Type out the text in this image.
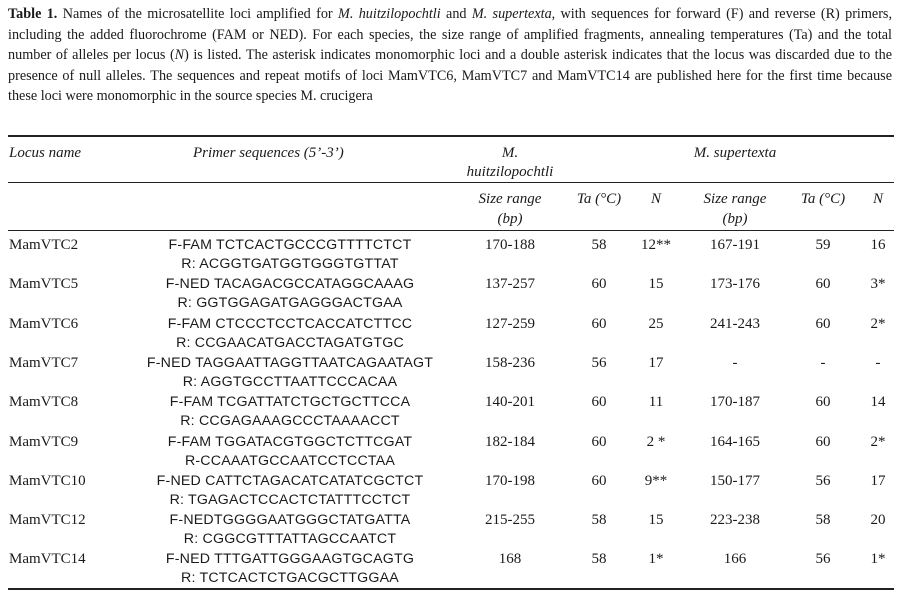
Table 1. Names of the microsatellite loci amplified for M. huitzilopochtli and M. supertexta, with sequences for forward (F) and reverse (R) primers, including the added fluorochrome (FAM or NED). For each species, the size range of amplified fragments, annealing temperatures (Ta) and the total number of alleles per locus (N) is listed. The asterisk indicates monomorphic loci and a double asterisk indicates that the locus was discarded due to the presence of null alleles. The sequences and repeat motifs of loci MamVTC6, MamVTC7 and MamVTC14 are published here for the first time because these loci were monomorphic in the source species M. crucigera
Locus name	Primer sequences (5’-3’)	M.
huitzilopochtli
M. supertexta
Size range
(bp)
Ta (°C)	N	Size range
(bp)
Ta (°C)	N
MamVTC2	F-FAM TCTCACTGCCCGTTTTCTCT	170-188	58	12**	167-191	59	16
R: ACGGTGATGGTGGGTGTTAT
MamVTC5	F-NED TACAGACGCCATAGGCAAAG	137-257	60	15	173-176	60	3*
R: GGTGGAGATGAGGGACTGAA
MamVTC6	F-FAM CTCCCTCCTCACCATCTTCC	127-259	60	25	241-243	60	2*
R: CCGAACATGACCTAGATGTGC
MamVTC7	F-NED TAGGAATTAGGTTAATCAGAATAGT	158-236	56	17	-	-	-
R: AGGTGCCTTAATTCCCACAA
MamVTC8	F-FAM TCGATTATCTGCTGCTTCCA	140-201	60	11	170-187	60	14
R: CCGAGAAAGCCCTAAAACCT
MamVTC9	F-FAM TGGATACGTGGCTCTTCGAT	182-184	60	2 *	164-165	60	2*
R-CCAAATGCCAATCCTCCTAA
MamVTC10	F-NED CATTCTAGACATCATATCGCTCT	170-198	60	9**	150-177	56	17
R: TGAGACTCCACTCTATTTCCTCT
MamVTC12	F-NEDTGGGGAATGGGCTATGATTA	215-255	58	15	223-238	58	20
R: CGGCGTTTATTAGCCAATCT
MamVTC14	F-NED TTTGATTGGGAAGTGCAGTG	168	58	1*	166	56	1*
R: TCTCACTCTGACGCTTGGAA
